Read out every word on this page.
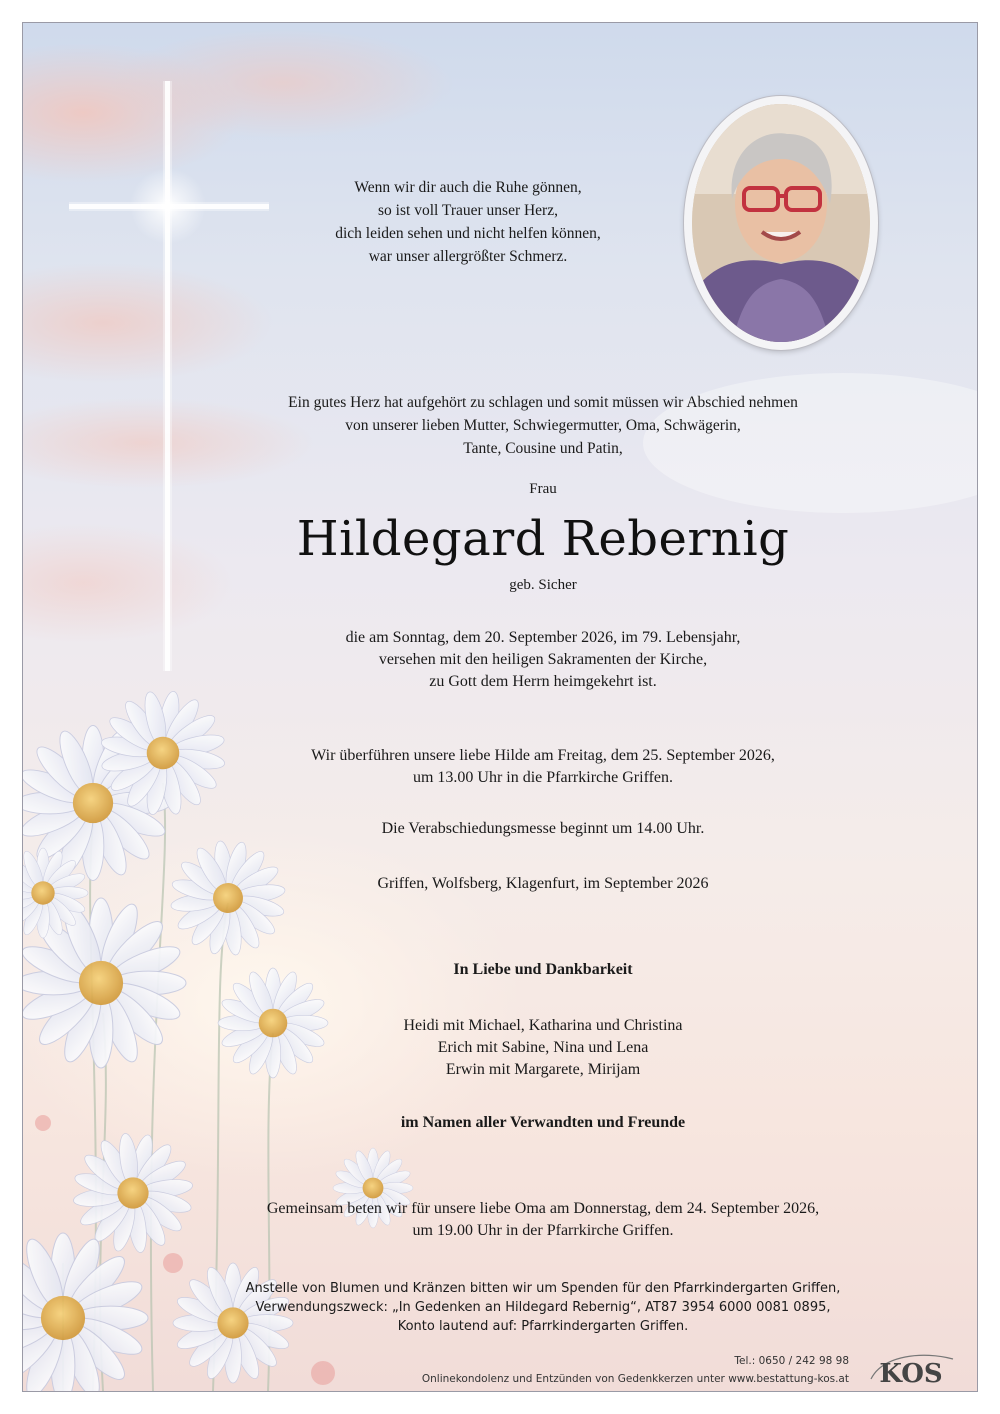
Wenn wir dir auch die Ruhe gönnen,
so ist voll Trauer unser Herz,
dich leiden sehen und nicht helfen können,
war unser allergrößter Schmerz.
Ein gutes Herz hat aufgehört zu schlagen und somit müssen wir Abschied nehmen
von unserer lieben Mutter, Schwiegermutter, Oma, Schwägerin,
Tante, Cousine und Patin,
Frau
Hildegard Rebernig
geb. Sicher
die am Sonntag, dem 20. September 2026, im 79. Lebensjahr,
versehen mit den heiligen Sakramenten der Kirche,
zu Gott dem Herrn heimgekehrt ist.
Wir überführen unsere liebe Hilde am Freitag, dem 25. September 2026,
um 13.00 Uhr in die Pfarrkirche Griffen.
Die Verabschiedungsmesse beginnt um 14.00 Uhr.
Griffen, Wolfsberg, Klagenfurt, im September 2026
In Liebe und Dankbarkeit
Heidi mit Michael, Katharina und Christina
Erich mit Sabine, Nina und Lena
Erwin mit Margarete, Mirijam
im Namen aller Verwandten und Freunde
Gemeinsam beten wir für unsere liebe Oma am Donnerstag, dem 24. September 2026,
um 19.00 Uhr in der Pfarrkirche Griffen.
Anstelle von Blumen und Kränzen bitten wir um Spenden für den Pfarrkindergarten Griffen,
Verwendungszweck: „In Gedenken an Hildegard Rebernig“, AT87 3954 6000 0081 0895,
Konto lautend auf: Pfarrkindergarten Griffen.
Tel.: 0650 / 242 98 98
Onlinekondolenz und Entzünden von Gedenkkerzen unter www.bestattung-kos.at KOS
